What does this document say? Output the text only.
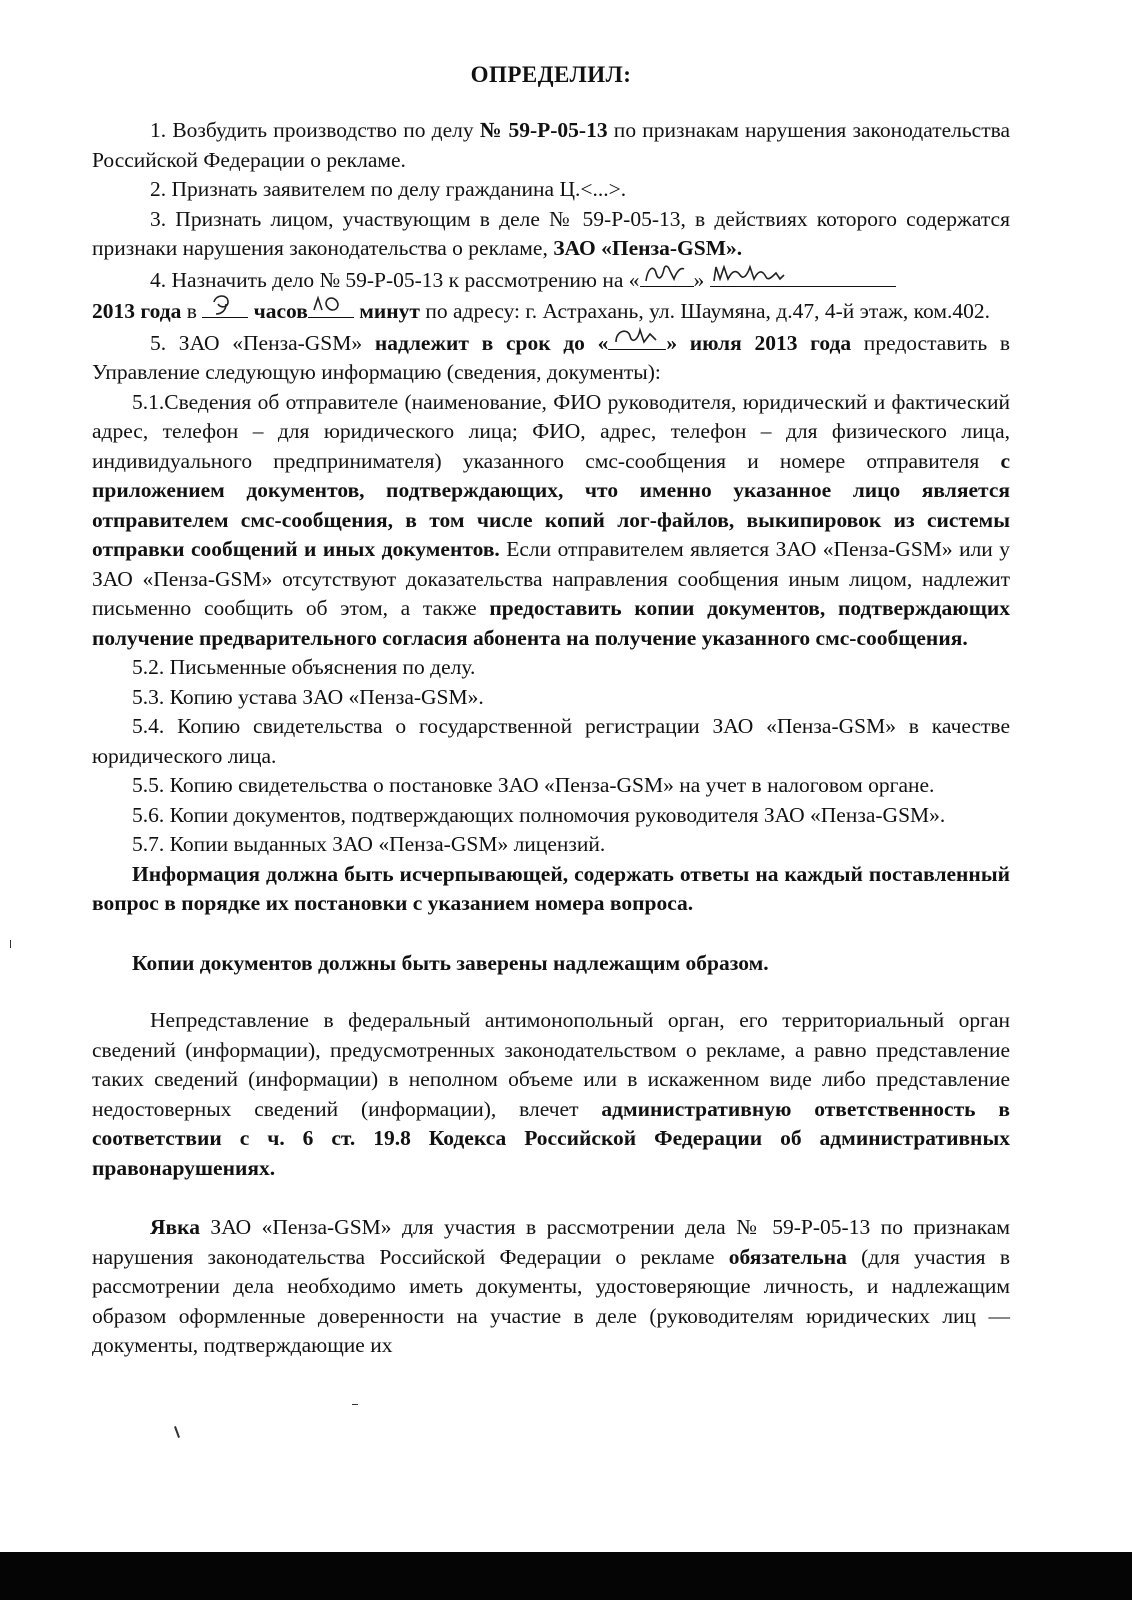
ОПРЕДЕЛИЛ:

1. Возбудить производство по делу № 59-Р-05-13 по признакам нарушения законодательства Российской Федерации о рекламе.

2. Признать заявителем по делу гражданина Ц.<...>.

3. Признать лицом, участвующим в деле № 59-Р-05-13, в действиях которого содержатся признаки нарушения законодательства о рекламе, ЗАО «Пенза-GSM».

4. Назначить дело № 59-Р-05-13 к рассмотрению на «	»

2013 года в
часов минут по адресу: г. Астрахань, ул. Шаумяна, д.47, 4-й этаж, ком.402.

5. ЗАО «Пенза-GSM» надлежит в срок до «	» июля 2013 года предоставить в Управление следующую информацию (сведения, документы):

5.1.Сведения об отправителе (наименование, ФИО руководителя, юридический и фактический адрес, телефон – для юридического лица; ФИО, адрес, телефон – для физического лица, индивидуального предпринимателя) указанного смс-сообщения и номере отправителя с приложением документов, подтверждающих, что именно указанное лицо является отправителем смс-сообщения, в том числе копий лог-файлов, выкипировок из системы отправки сообщений и иных документов. Если отправителем является ЗАО «Пенза-GSM» или у ЗАО «Пенза-GSM» отсутствуют доказательства направления сообщения иным лицом, надлежит письменно сообщить об этом, а также предоставить копии документов, подтверждающих получение предварительного согласия абонента на получение указанного смс-сообщения.

5.2. Письменные объяснения по делу.

5.3. Копию устава ЗАО «Пенза-GSM».

5.4. Копию свидетельства о государственной регистрации ЗАО «Пенза-GSM» в качестве юридического лица.

5.5. Копию свидетельства о постановке ЗАО «Пенза-GSM» на учет в налоговом органе.

5.6. Копии документов, подтверждающих полномочия руководителя ЗАО «Пенза-GSM».

5.7. Копии выданных ЗАО «Пенза-GSM» лицензий.

Информация должна быть исчерпывающей, содержать ответы на каждый поставленный вопрос в порядке их постановки с указанием номера вопроса.

Копии документов должны быть заверены надлежащим образом.

Непредставление в федеральный антимонопольный орган, его территориальный орган сведений (информации), предусмотренных законодательством о рекламе, а равно представление таких сведений (информации) в неполном объеме или в искаженном виде либо представление недостоверных сведений (информации), влечет административную ответственность в соответствии с ч. 6 ст. 19.8 Кодекса Российской Федерации об административных правонарушениях.

Явка ЗАО «Пенза-GSM» для участия в рассмотрении дела № 59-Р-05-13 по признакам нарушения законодательства Российской Федерации о рекламе обязательна (для участия в рассмотрении дела необходимо иметь документы, удостоверяющие личность, и надлежащим образом оформленные доверенности на участие в деле (руководителям юридических лиц — документы, подтверждающие их
